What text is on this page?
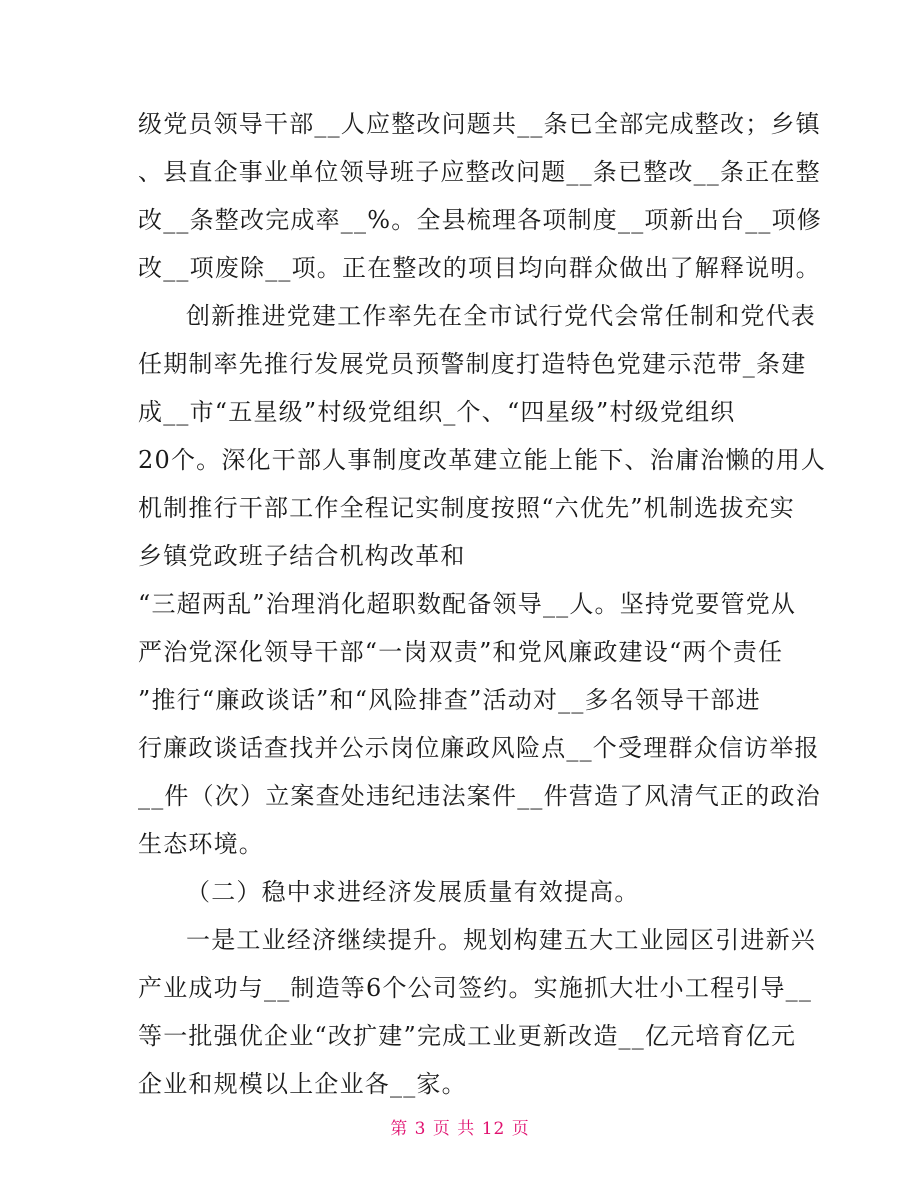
级党员领导干部__人应整改问题共__条已全部完成整改；乡镇
、县直企事业单位领导班子应整改问题__条已整改__条正在整
改__条整改完成率__%。全县梳理各项制度__项新出台__项修
改__项废除__项。正在整改的项目均向群众做出了解释说明。
创新推进党建工作率先在全市试行党代会常任制和党代表
任期制率先推行发展党员预警制度打造特色党建示范带_条建
成__市“五星级”村级党组织_个、“四星级”村级党组织
20个。深化干部人事制度改革建立能上能下、治庸治懒的用人
机制推行干部工作全程记实制度按照“六优先”机制选拔充实
乡镇党政班子结合机构改革和
“三超两乱”治理消化超职数配备领导__人。坚持党要管党从
严治党深化领导干部“一岗双责”和党风廉政建设“两个责任
”推行“廉政谈话”和“风险排查”活动对__多名领导干部进
行廉政谈话查找并公示岗位廉政风险点__个受理群众信访举报
__件（次）立案查处违纪违法案件__件营造了风清气正的政治
生态环境。
（二）稳中求进经济发展质量有效提高。
一是工业经济继续提升。规划构建五大工业园区引进新兴
产业成功与__制造等6个公司签约。实施抓大壮小工程引导__
等一批强优企业“改扩建”完成工业更新改造__亿元培育亿元
企业和规模以上企业各__家。
第 3 页 共 12 页
